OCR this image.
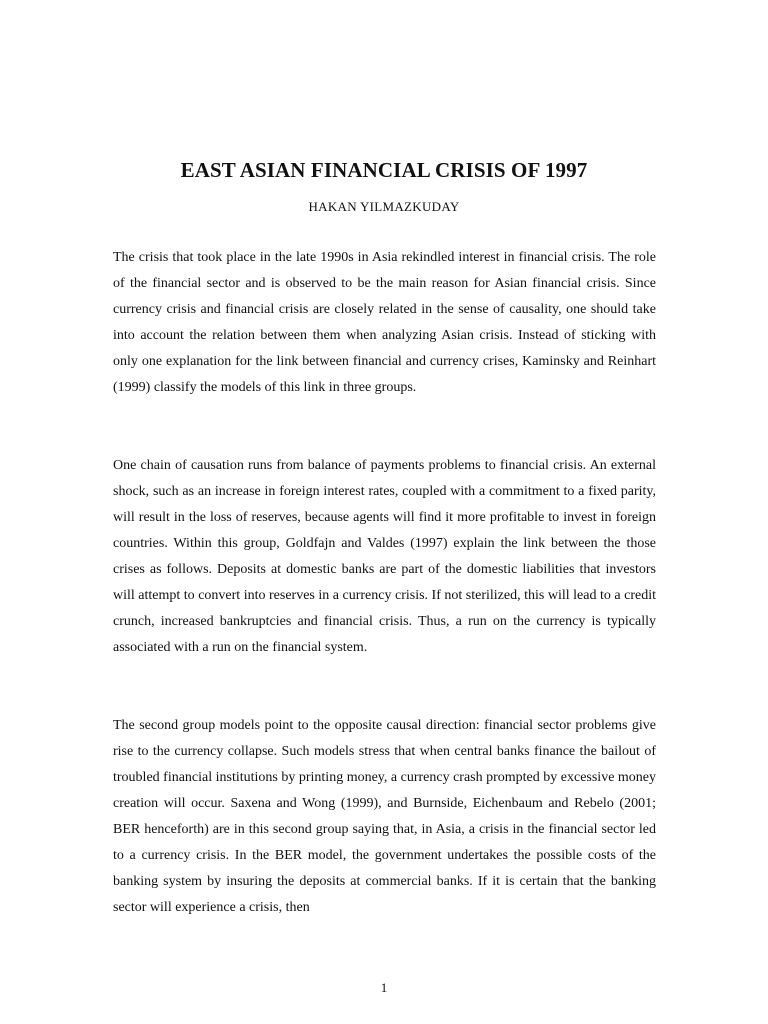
EAST ASIAN FINANCIAL CRISIS OF 1997

HAKAN YILMAZKUDAY

The crisis that took place in the late 1990s in Asia rekindled interest in financial crisis. The role of the financial sector and is observed to be the main reason for Asian financial crisis. Since currency crisis and financial crisis are closely related in the sense of causality, one should take into account the relation between them when analyzing Asian crisis. Instead of sticking with only one explanation for the link between financial and currency crises, Kaminsky and Reinhart (1999) classify the models of this link in three groups.

One chain of causation runs from balance of payments problems to financial crisis. An external shock, such as an increase in foreign interest rates, coupled with a commitment to a fixed parity, will result in the loss of reserves, because agents will find it more profitable to invest in foreign countries. Within this group, Goldfajn and Valdes (1997) explain the link between the those crises as follows. Deposits at domestic banks are part of the domestic liabilities that investors will attempt to convert into reserves in a currency crisis. If not sterilized, this will lead to a credit crunch, increased bankruptcies and financial crisis. Thus, a run on the currency is typically associated with a run on the financial system.

The second group models point to the opposite causal direction: financial sector problems give rise to the currency collapse. Such models stress that when central banks finance the bailout of troubled financial institutions by printing money, a currency crash prompted by excessive money creation will occur. Saxena and Wong (1999), and Burnside, Eichenbaum and Rebelo (2001; BER henceforth) are in this second group saying that, in Asia, a crisis in the financial sector led to a currency crisis. In the BER model, the government undertakes the possible costs of the banking system by insuring the deposits at commercial banks. If it is certain that the banking sector will experience a crisis, then

1
